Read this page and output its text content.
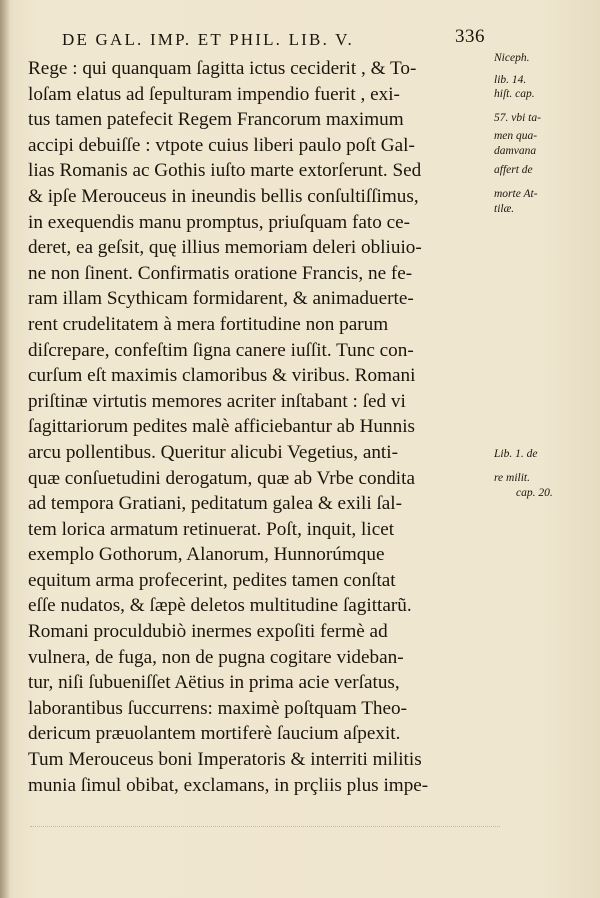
DE GAL. IMP. ET PHIL. LIB. V.	336
Rege : qui quanquam ſagitta ictus ceciderit , & To-
loſam elatus ad ſepulturam impendio fuerit , exi-
tus tamen patefecit Regem Francorum maximum
accipi debuiſſe : vtpote cuius liberi paulo poſt Gal-
lias Romanis ac Gothis iuſto marte extorſerunt. Sed
& ipſe Merouceus in ineundis bellis conſultiſſimus,
in exequendis manu promptus, priuſquam fato ce-
deret, ea geſsit, quę illius memoriam deleri obliuio-
ne non ſinent. Confirmatis oratione Francis, ne fe-
ram illam Scythicam formidarent, & animaduerte-
rent crudelitatem à mera fortitudine non parum
diſcrepare, confeſtim ſigna canere iuſſit. Tunc con-
curſum eſt maximis clamoribus & viribus. Romani
priſtinæ virtutis memores acriter inſtabant : ſed vi
ſagittariorum pedites malè afficiebantur ab Hunnis
arcu pollentibus. Queritur alicubi Vegetius, anti-
quæ conſuetudini derogatum, quæ ab Vrbe condita
ad tempora Gratiani, peditatum galea & exili ſal-
tem lorica armatum retinuerat. Poſt, inquit, licet
exemplo Gothorum, Alanorum, Hunnorúmque
equitum arma profecerint, pedites tamen conſtat
eſſe nudatos, & ſæpè deletos multitudine ſagittarũ.
Romani proculdubiò inermes expoſiti fermè ad
vulnera, de fuga, non de pugna cogitare videban-
tur, niſi ſubueniſſet Aëtius in prima acie verſatus,
laborantibus ſuccurrens: maximè poſtquam Theo-
dericum præuolantem mortiferè ſaucium aſpexit.
Tum Merouceus boni Imperatoris & interriti militis
munia ſimul obibat, exclamans, in prçliis plus impe-
Niceph.
lib. 14.
hiſt. cap.
57. vbi ta-
men qua-
damvana
affert de
morte At-
tilæ.
Lib. 1. de
re milit.
cap. 20.
